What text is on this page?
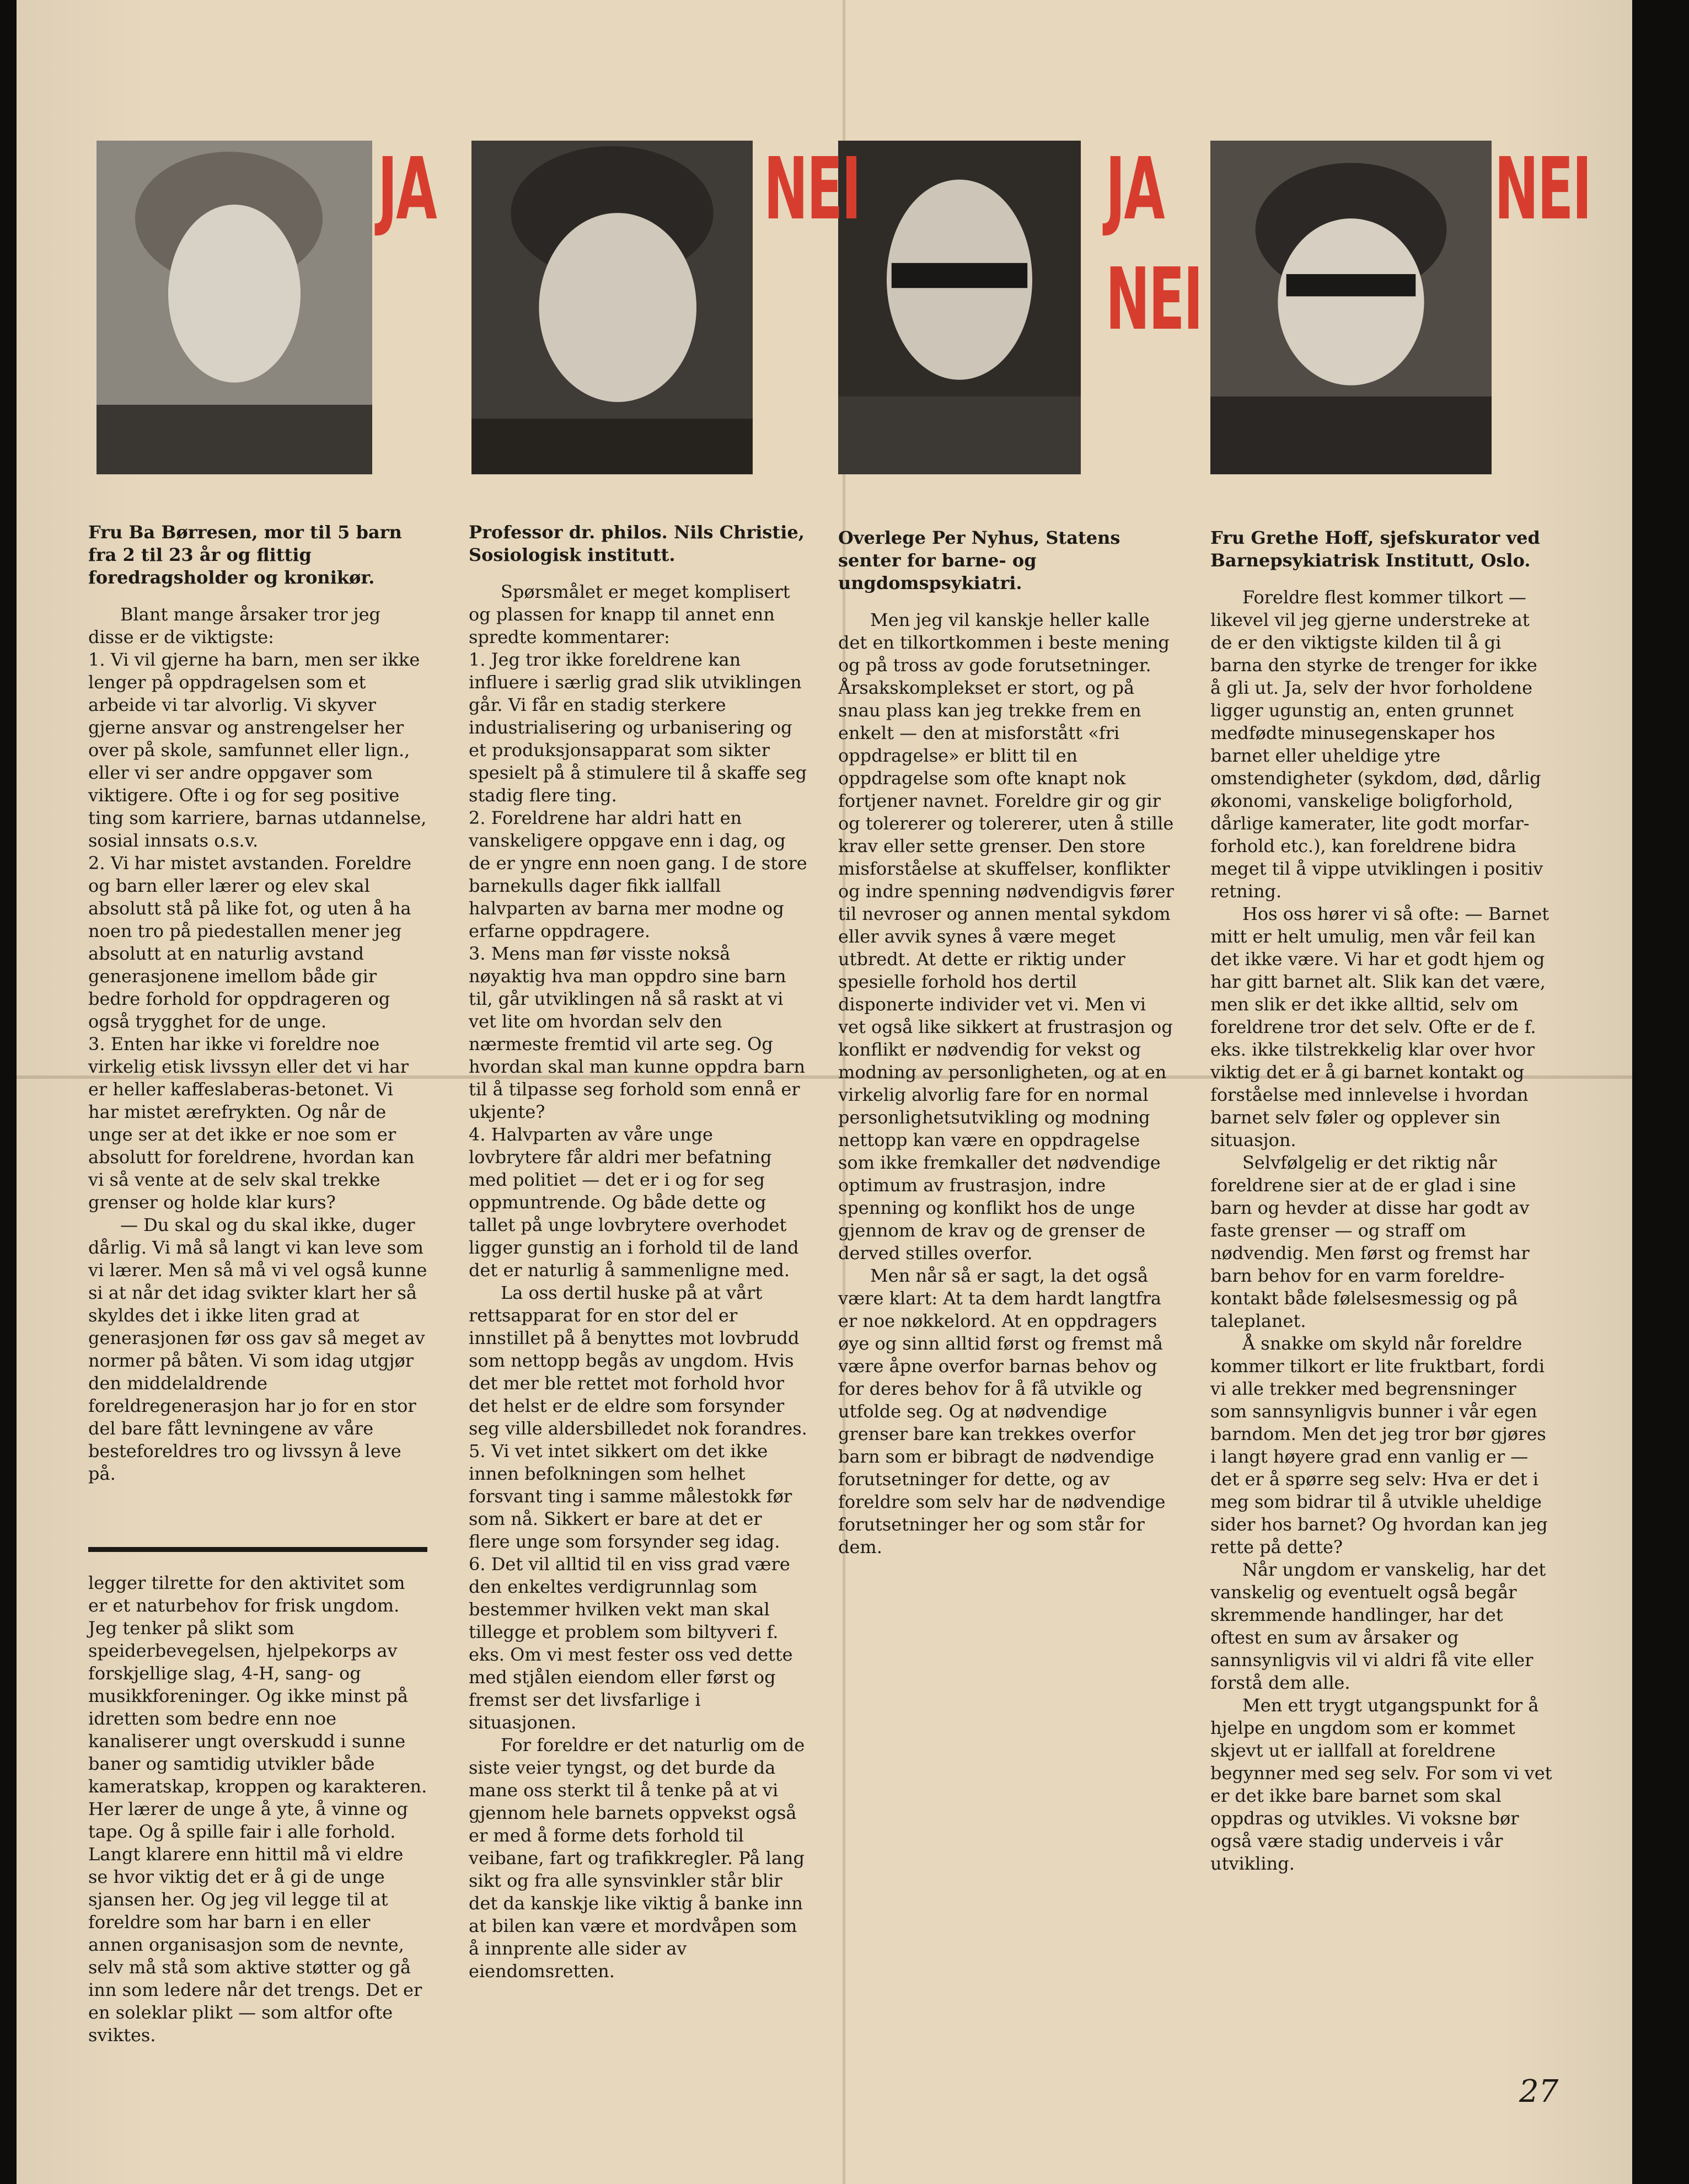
JA	NEI	JA
NEI
NEI

Fru Ba Børresen, mor til 5 barn fra 2 til 23 år og flittig foredragsholder og kronikør.

Blant mange årsaker tror jeg disse er de viktigste:

1. Vi vil gjerne ha barn, men ser ikke lenger på oppdragelsen som et arbeide vi tar alvorlig. Vi skyver gjerne ansvar og anstrengelser her over på skole, samfunnet eller lign., eller vi ser andre oppgaver som viktigere. Ofte i og for seg positive ting som karriere, barnas utdannelse, sosial innsats o.s.v.

2. Vi har mistet avstanden. Foreldre og barn eller lærer og elev skal absolutt stå på like fot, og uten å ha noen tro på piedestallen mener jeg absolutt at en naturlig avstand generasjonene imellom både gir bedre forhold for oppdrageren og også trygghet for de unge.

3. Enten har ikke vi foreldre noe virkelig etisk livssyn eller det vi har er heller kaffeslaberas-betonet. Vi har mistet ærefrykten. Og når de unge ser at det ikke er noe som er absolutt for foreldrene, hvordan kan vi så vente at de selv skal trekke grenser og holde klar kurs?

— Du skal og du skal ikke, duger dårlig. Vi må så langt vi kan leve som vi lærer. Men så må vi vel også kunne si at når det idag svikter klart her så skyldes det i ikke liten grad at generasjonen før oss gav så meget av normer på båten. Vi som idag utgjør den middelaldrende foreldregenerasjon har jo for en stor del bare fått levningene av våre besteforeldres tro og livssyn å leve på.

legger tilrette for den aktivitet som er et naturbehov for frisk ungdom. Jeg tenker på slikt som speiderbevegelsen, hjelpekorps av forskjellige slag, 4-H, sang- og musikkforeninger. Og ikke minst på idretten som bedre enn noe kanaliserer ungt overskudd i sunne baner og samtidig utvikler både kameratskap, kroppen og karakteren. Her lærer de unge å yte, å vinne og tape. Og å spille fair i alle forhold. Langt klarere enn hittil må vi eldre se hvor viktig det er å gi de unge sjansen her. Og jeg vil legge til at foreldre som har barn i en eller annen organisasjon som de nevnte, selv må stå som aktive støtter og gå inn som ledere når det trengs. Det er en soleklar plikt — som altfor ofte sviktes.

Professor dr. philos. Nils Christie, Sosiologisk institutt.

Spørsmålet er meget komplisert og plassen for knapp til annet enn spredte kommentarer:

1. Jeg tror ikke foreldrene kan influere i særlig grad slik utviklingen går. Vi får en stadig sterkere industrialisering og urbanisering og et produksjonsapparat som sikter spesielt på å stimulere til å skaffe seg stadig flere ting.

2. Foreldrene har aldri hatt en vanskeligere oppgave enn i dag, og de er yngre enn noen gang. I de store barnekulls dager fikk iallfall halvparten av barna mer modne og erfarne oppdragere.

3. Mens man før visste nokså nøyaktig hva man oppdro sine barn til, går utviklingen nå så raskt at vi vet lite om hvordan selv den nærmeste fremtid vil arte seg. Og hvordan skal man kunne oppdra barn til å tilpasse seg forhold som ennå er ukjente?

4. Halvparten av våre unge lovbrytere får aldri mer befatning med politiet — det er i og for seg oppmuntrende. Og både dette og tallet på unge lovbrytere overhodet ligger gunstig an i forhold til de land det er naturlig å sammenligne med.

La oss dertil huske på at vårt rettsapparat for en stor del er innstillet på å benyttes mot lovbrudd som nettopp begås av ungdom. Hvis det mer ble rettet mot forhold hvor det helst er de eldre som forsynder seg ville aldersbilledet nok forandres.

5. Vi vet intet sikkert om det ikke innen befolkningen som helhet forsvant ting i samme målestokk før som nå. Sikkert er bare at det er flere unge som forsynder seg idag.

6. Det vil alltid til en viss grad være den enkeltes verdigrunnlag som bestemmer hvilken vekt man skal tillegge et problem som biltyveri f. eks. Om vi mest fester oss ved dette med stjålen eiendom eller først og fremst ser det livsfarlige i situasjonen.

For foreldre er det naturlig om de siste veier tyngst, og det burde da mane oss sterkt til å tenke på at vi gjennom hele barnets oppvekst også er med å forme dets forhold til veibane, fart og trafikkregler. På lang sikt og fra alle synsvinkler står blir det da kanskje like viktig å banke inn at bilen kan være et mordvåpen som å innprente alle sider av eiendomsretten.

Overlege Per Nyhus, Statens senter for barne- og ungdomspsykiatri.

Men jeg vil kanskje heller kalle det en tilkortkommen i beste mening og på tross av gode forutsetninger. Årsakskomplekset er stort, og på snau plass kan jeg trekke frem en enkelt — den at misforstått «fri oppdragelse» er blitt til en oppdragelse som ofte knapt nok fortjener navnet. Foreldre gir og gir og tolererer og tolererer, uten å stille krav eller sette grenser. Den store misforståelse at skuffelser, konflikter og indre spenning nødvendigvis fører til nevroser og annen mental sykdom eller avvik synes å være meget utbredt. At dette er riktig under spesielle forhold hos dertil disponerte individer vet vi. Men vi vet også like sikkert at frustrasjon og konflikt er nødvendig for vekst og modning av personligheten, og at en virkelig alvorlig fare for en normal personlighetsutvikling og modning nettopp kan være en oppdragelse som ikke fremkaller det nødvendige optimum av frustrasjon, indre spenning og konflikt hos de unge gjennom de krav og de grenser de derved stilles overfor.

Men når så er sagt, la det også være klart: At ta dem hardt langtfra er noe nøkkelord. At en oppdragers øye og sinn alltid først og fremst må være åpne overfor barnas behov og for deres behov for å få utvikle og utfolde seg. Og at nødvendige grenser bare kan trekkes overfor barn som er bibragt de nødvendige forutsetninger for dette, og av foreldre som selv har de nødvendige forutsetninger her og som står for dem.

Fru Grethe Hoff, sjefskurator ved Barnepsykiatrisk Institutt, Oslo.

Foreldre flest kommer tilkort — likevel vil jeg gjerne understreke at de er den viktigste kilden til å gi barna den styrke de trenger for ikke å gli ut. Ja, selv der hvor forholdene ligger ugunstig an, enten grunnet medfødte minusegenskaper hos barnet eller uheldige ytre omstendigheter (sykdom, død, dårlig økonomi, vanskelige boligforhold, dårlige kamerater, lite godt morfar-forhold etc.), kan foreldrene bidra meget til å vippe utviklingen i positiv retning.

Hos oss hører vi så ofte: — Barnet mitt er helt umulig, men vår feil kan det ikke være. Vi har et godt hjem og har gitt barnet alt. Slik kan det være, men slik er det ikke alltid, selv om foreldrene tror det selv. Ofte er de f. eks. ikke tilstrekkelig klar over hvor viktig det er å gi barnet kontakt og forståelse med innlevelse i hvordan barnet selv føler og opplever sin situasjon.

Selvfølgelig er det riktig når foreldrene sier at de er glad i sine barn og hevder at disse har godt av faste grenser — og straff om nødvendig. Men først og fremst har barn behov for en varm foreldre-kontakt både følelsesmessig og på taleplanet.

Å snakke om skyld når foreldre kommer tilkort er lite fruktbart, fordi vi alle trekker med begrensninger som sannsynligvis bunner i vår egen barndom. Men det jeg tror bør gjøres i langt høyere grad enn vanlig er — det er å spørre seg selv: Hva er det i meg som bidrar til å utvikle uheldige sider hos barnet? Og hvordan kan jeg rette på dette?

Når ungdom er vanskelig, har det vanskelig og eventuelt også begår skremmende handlinger, har det oftest en sum av årsaker og sannsynligvis vil vi aldri få vite eller forstå dem alle.

Men ett trygt utgangspunkt for å hjelpe en ungdom som er kommet skjevt ut er iallfall at foreldrene begynner med seg selv. For som vi vet er det ikke bare barnet som skal oppdras og utvikles. Vi voksne bør også være stadig underveis i vår utvikling.

27
